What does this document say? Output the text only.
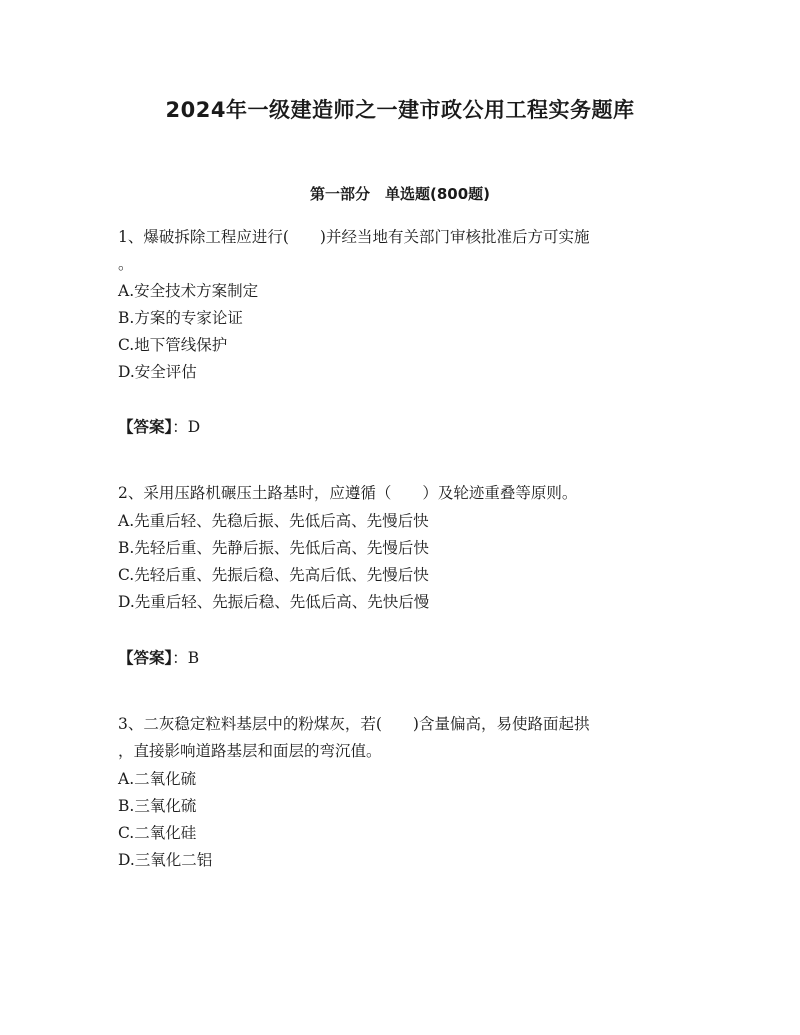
2024年一级建造师之一建市政公用工程实务题库
第一部分　单选题(800题)

1、爆破拆除工程应进行(　　)并经当地有关部门审核批准后方可实施

。

A.安全技术方案制定

B.方案的专家论证

C.地下管线保护

D.安全评估

【答案】：D

2、采用压路机碾压土路基时，应遵循（　　）及轮迹重叠等原则。

A.先重后轻、先稳后振、先低后高、先慢后快

B.先轻后重、先静后振、先低后高、先慢后快

C.先轻后重、先振后稳、先高后低、先慢后快

D.先重后轻、先振后稳、先低后高、先快后慢

【答案】：B

3、二灰稳定粒料基层中的粉煤灰，若(　　)含量偏高，易使路面起拱

，直接影响道路基层和面层的弯沉值。

A.二氧化硫

B.三氧化硫

C.二氧化硅

D.三氧化二铝
